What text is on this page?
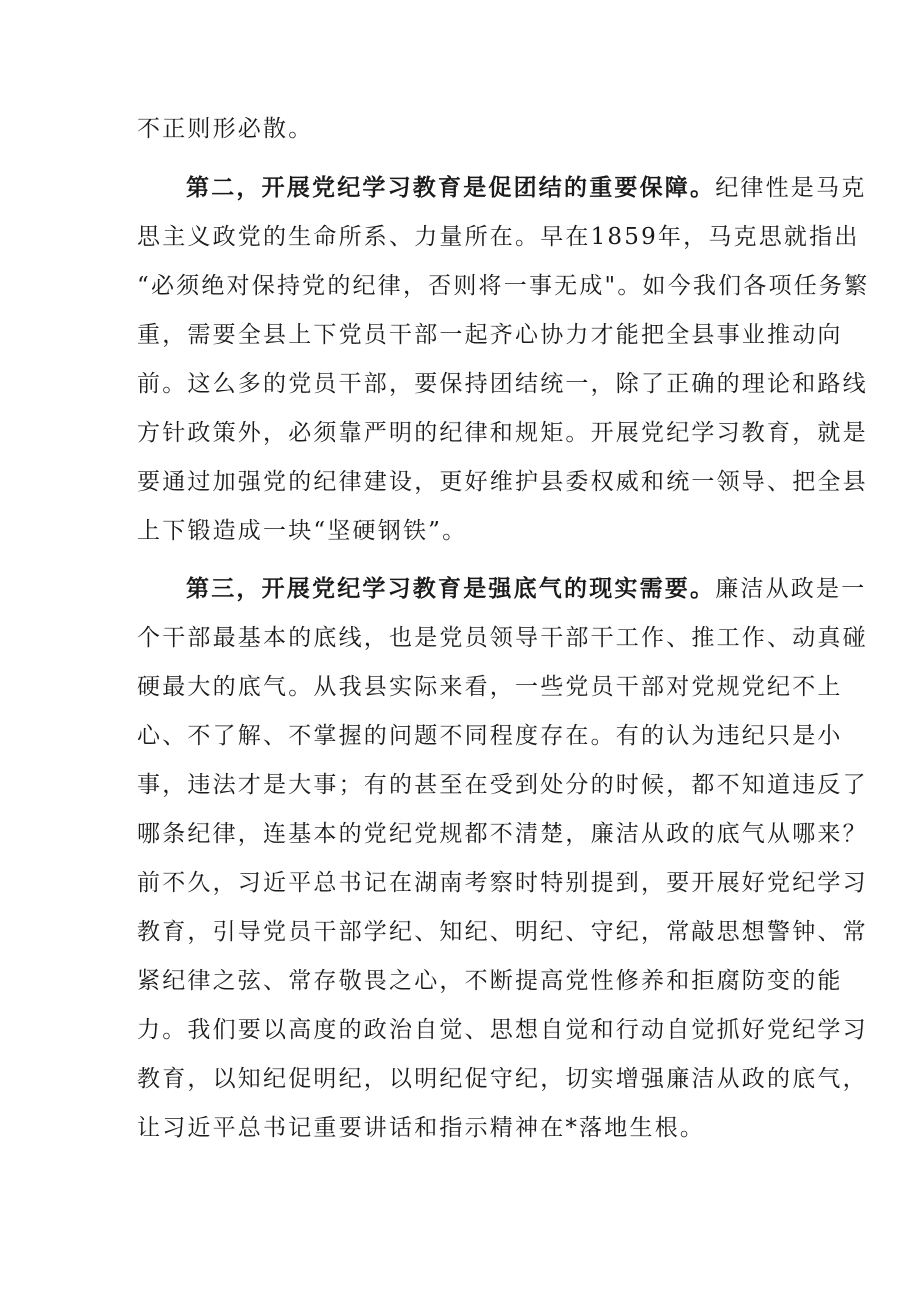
不正则形必散。
第二，开展党纪学习教育是促团结的重要保障。纪律性是马克
思主义政党的生命所系、力量所在。早在1859年，马克思就指出
“必须绝对保持党的纪律，否则将一事无成"。如今我们各项任务繁
重，需要全县上下党员干部一起齐心协力才能把全县事业推动向
前。这么多的党员干部，要保持团结统一，除了正确的理论和路线
方针政策外，必须靠严明的纪律和规矩。开展党纪学习教育，就是
要通过加强党的纪律建设，更好维护县委权威和统一领导、把全县
上下锻造成一块“坚硬钢铁”。
第三，开展党纪学习教育是强底气的现实需要。廉洁从政是一
个干部最基本的底线，也是党员领导干部干工作、推工作、动真碰
硬最大的底气。从我县实际来看，一些党员干部对党规党纪不上
心、不了解、不掌握的问题不同程度存在。有的认为违纪只是小
事，违法才是大事；有的甚至在受到处分的时候，都不知道违反了
哪条纪律，连基本的党纪党规都不清楚，廉洁从政的底气从哪来？
前不久，习近平总书记在湖南考察时特别提到，要开展好党纪学习
教育，引导党员干部学纪、知纪、明纪、守纪，常敲思想警钟、常
紧纪律之弦、常存敬畏之心，不断提高党性修养和拒腐防变的能
力。我们要以高度的政治自觉、思想自觉和行动自觉抓好党纪学习
教育，以知纪促明纪，以明纪促守纪，切实增强廉洁从政的底气，
让习近平总书记重要讲话和指示精神在*落地生根。
